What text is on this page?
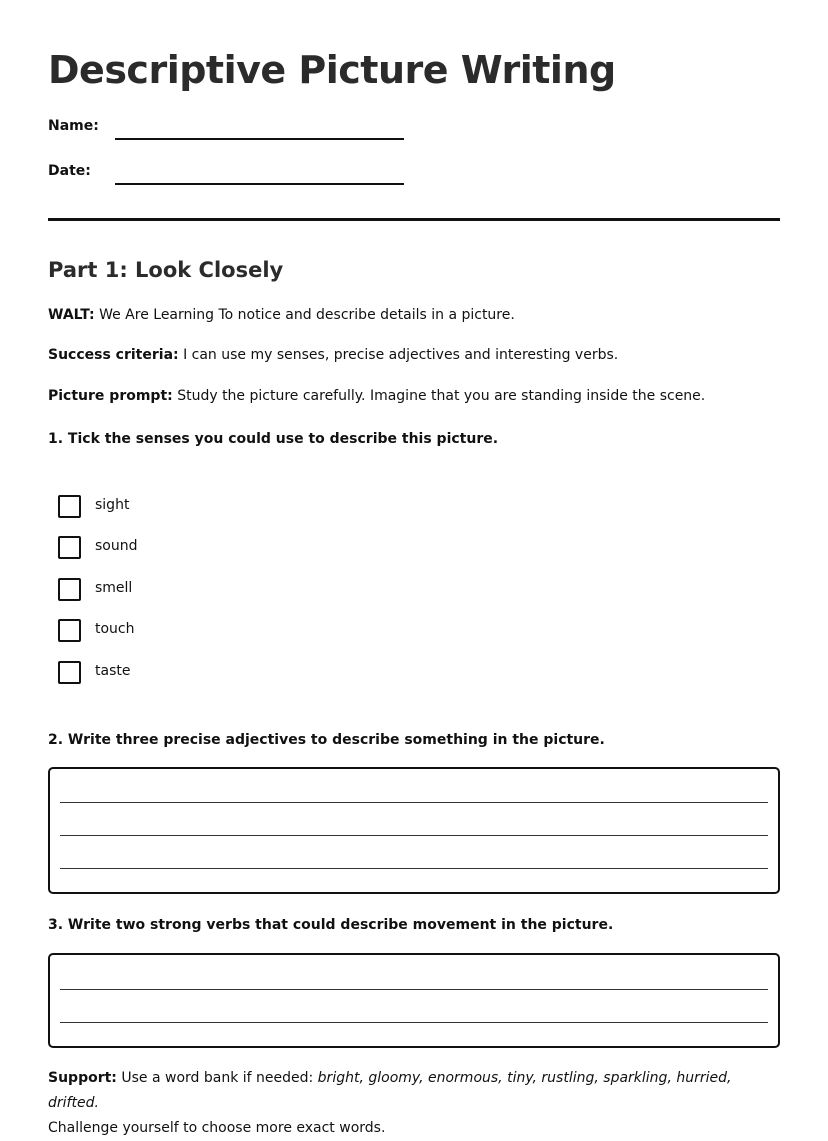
Descriptive Picture Writing
Name:
Date:
Part 1: Look Closely
WALT: We Are Learning To notice and describe details in a picture.
Success criteria: I can use my senses, precise adjectives and interesting verbs.
Picture prompt: Study the picture carefully. Imagine that you are standing inside the scene.
1. Tick the senses you could use to describe this picture.
sight
sound
smell
touch
taste
2. Write three precise adjectives to describe something in the picture.
3. Write two strong verbs that could describe movement in the picture.
Support: Use a word bank if needed: bright, gloomy, enormous, tiny, rustling, sparkling, hurried, drifted.
Challenge yourself to choose more exact words.
